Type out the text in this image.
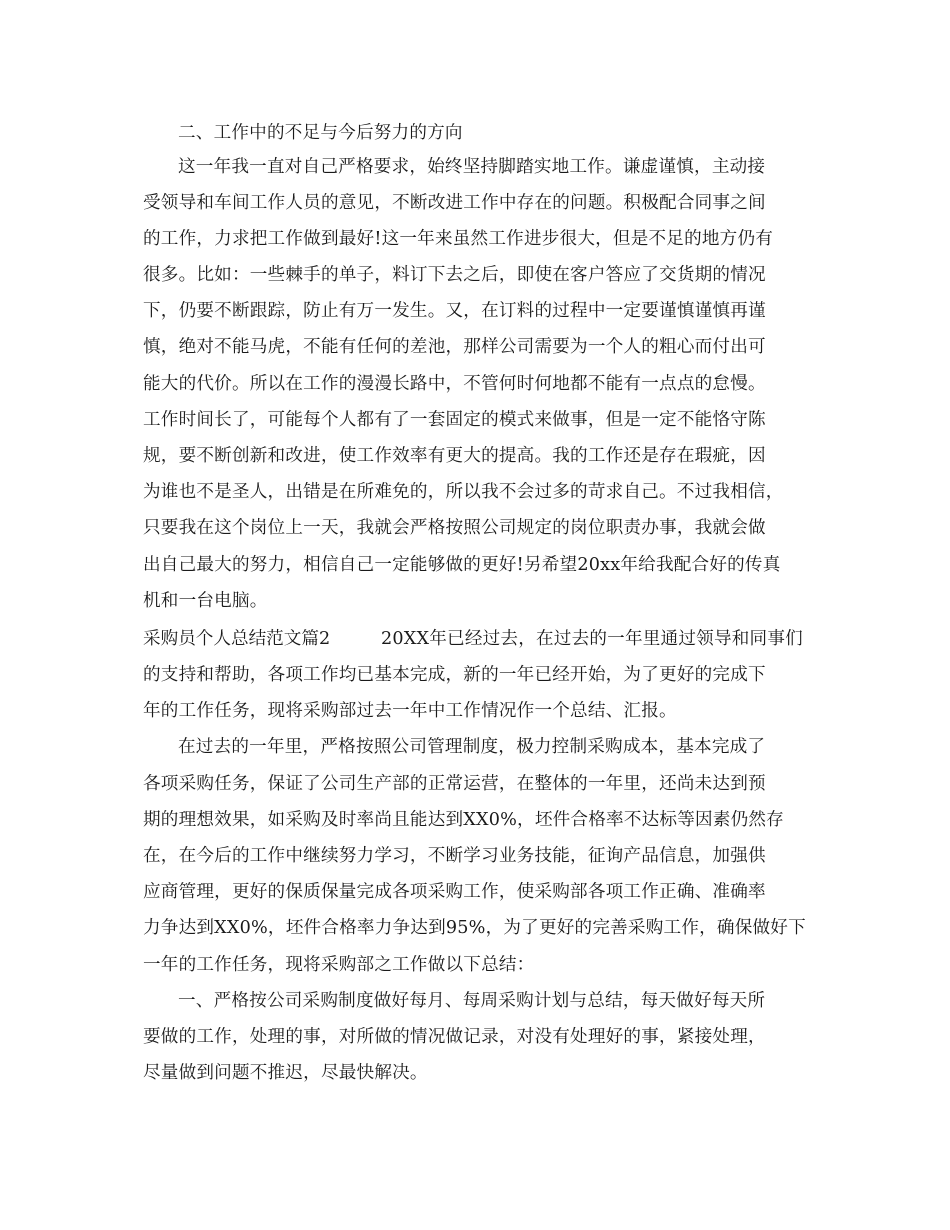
二、工作中的不足与今后努力的方向
这一年我一直对自己严格要求，始终坚持脚踏实地工作。谦虚谨慎，主动接
受领导和车间工作人员的意见，不断改进工作中存在的问题。积极配合同事之间
的工作，力求把工作做到最好!这一年来虽然工作进步很大，但是不足的地方仍有
很多。比如：一些棘手的单子，料订下去之后，即使在客户答应了交货期的情况
下，仍要不断跟踪，防止有万一发生。又，在订料的过程中一定要谨慎谨慎再谨
慎，绝对不能马虎，不能有任何的差池，那样公司需要为一个人的粗心而付出可
能大的代价。所以在工作的漫漫长路中，不管何时何地都不能有一点点的怠慢。
工作时间长了，可能每个人都有了一套固定的模式来做事，但是一定不能恪守陈
规，要不断创新和改进，使工作效率有更大的提高。我的工作还是存在瑕疵，因
为谁也不是圣人，出错是在所难免的，所以我不会过多的苛求自己。不过我相信，
只要我在这个岗位上一天，我就会严格按照公司规定的岗位职责办事，我就会做
出自己最大的努力，相信自己一定能够做的更好!另希望20xx年给我配合好的传真
机和一台电脑。
采购员个人总结范文篇2	20XX年已经过去，在过去的一年里通过领导和同事们
的支持和帮助，各项工作均已基本完成，新的一年已经开始，为了更好的完成下
年的工作任务，现将采购部过去一年中工作情况作一个总结、汇报。
在过去的一年里，严格按照公司管理制度，极力控制采购成本，基本完成了
各项采购任务，保证了公司生产部的正常运营，在整体的一年里，还尚未达到预
期的理想效果，如采购及时率尚且能达到XX0%，坯件合格率不达标等因素仍然存
在，在今后的工作中继续努力学习，不断学习业务技能，征询产品信息，加强供
应商管理，更好的保质保量完成各项采购工作，使采购部各项工作正确、准确率
力争达到XX0%，坯件合格率力争达到95%，为了更好的完善采购工作，确保做好下
一年的工作任务，现将采购部之工作做以下总结：
一、严格按公司采购制度做好每月、每周采购计划与总结，每天做好每天所
要做的工作，处理的事，对所做的情况做记录，对没有处理好的事，紧接处理，
尽量做到问题不推迟，尽最快解决。
